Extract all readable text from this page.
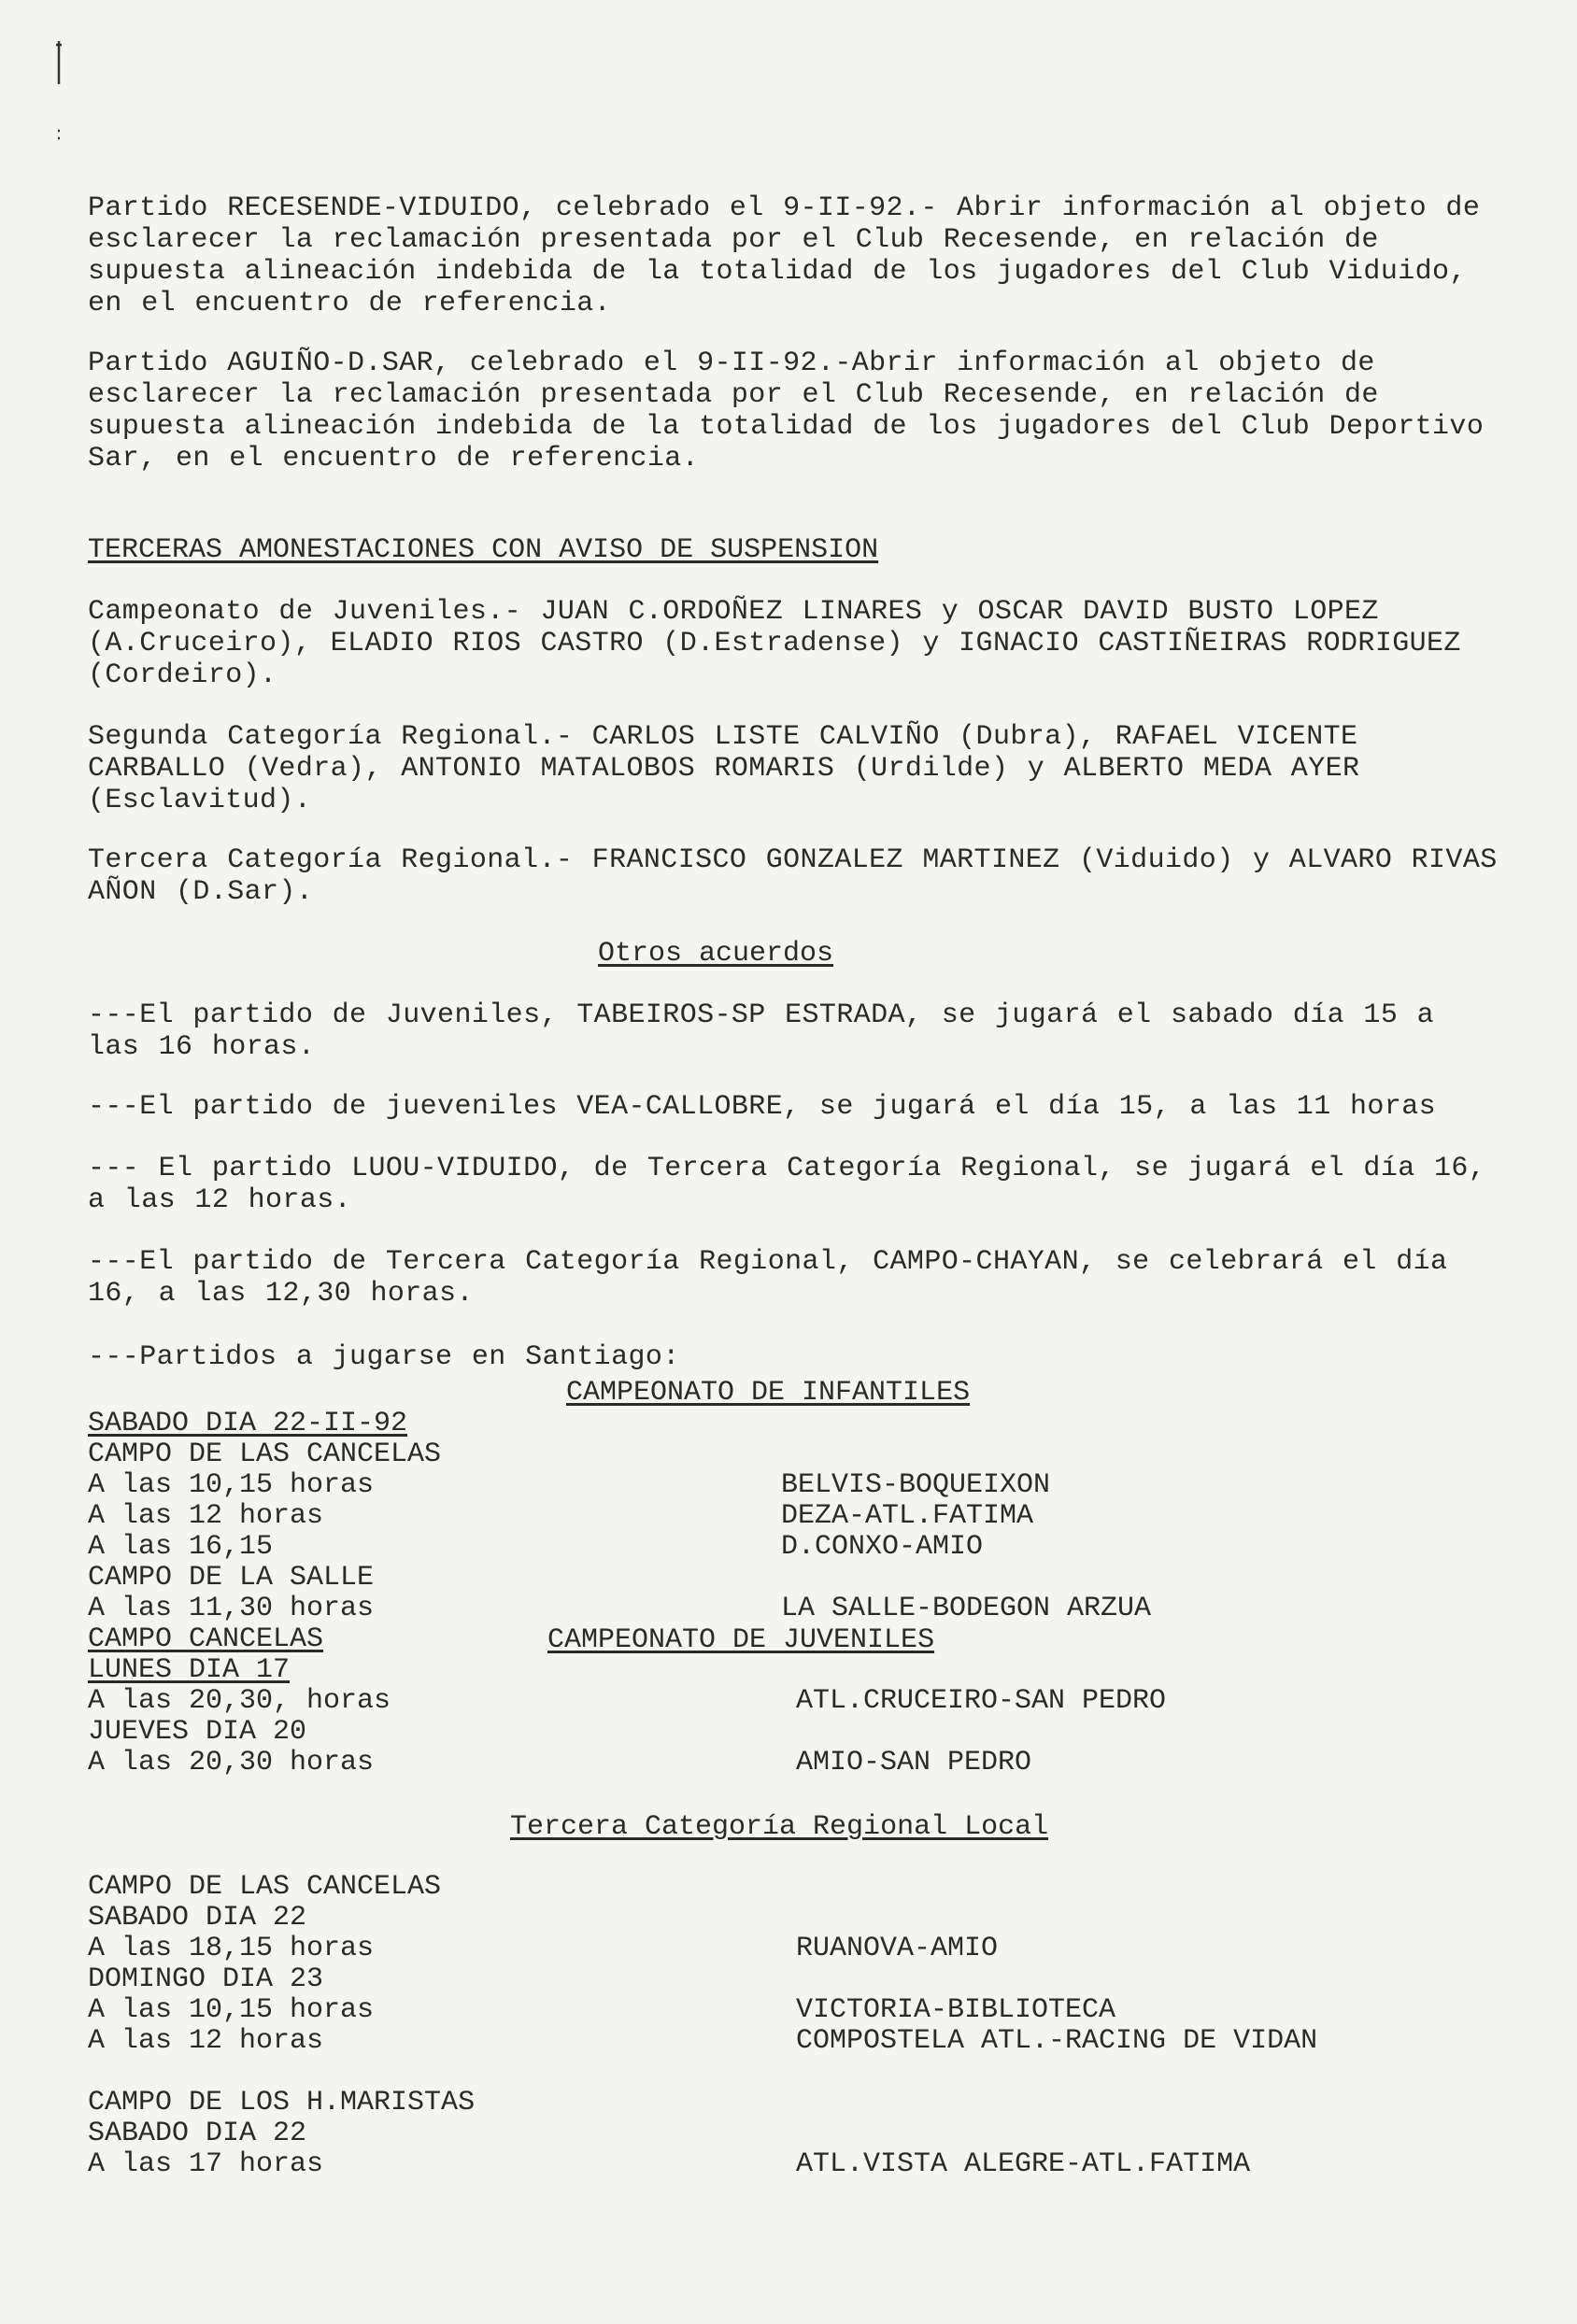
Partido RECESENDE-VIDUIDO, celebrado el 9-II-92.- Abrir información al objeto de esclarecer la reclamación presentada por el Club Recesende, en relación de supuesta alineación indebida de la totalidad de los jugadores del Club Viduido, en el encuentro de referencia.

Partido AGUIÑO-D.SAR, celebrado el 9-II-92.-Abrir información al objeto de esclarecer la reclamación presentada por el Club Recesende, en relación de supuesta alineación indebida de la totalidad de los jugadores del Club Deportivo Sar, en el encuentro de referencia.

TERCERAS AMONESTACIONES CON AVISO DE SUSPENSION

Campeonato de Juveniles.- JUAN C.ORDOÑEZ LINARES y OSCAR DAVID BUSTO LOPEZ (A.Cruceiro), ELADIO RIOS CASTRO (D.Estradense) y IGNACIO CASTIÑEIRAS RODRIGUEZ (Cordeiro).

Segunda Categoría Regional.- CARLOS LISTE CALVIÑO (Dubra), RAFAEL VICENTE CARBALLO (Vedra), ANTONIO MATALOBOS ROMARIS (Urdilde) y ALBERTO MEDA AYER (Esclavitud).

Tercera Categoría Regional.- FRANCISCO GONZALEZ MARTINEZ (Viduido) y ALVARO RIVAS AÑON (D.Sar).

Otros acuerdos

---El partido de Juveniles, TABEIROS-SP ESTRADA, se jugará el sabado día 15 a las 16 horas.

---El partido de jueveniles VEA-CALLOBRE, se jugará el día 15, a las 11 horas

--- El partido LUOU-VIDUIDO, de Tercera Categoría Regional, se jugará el día 16, a las 12 horas.

---El partido de Tercera Categoría Regional, CAMPO-CHAYAN, se celebrará el día 16, a las 12,30 horas.

---Partidos a jugarse en Santiago:

CAMPEONATO DE INFANTILES
SABADO DIA 22-II-92
CAMPO DE LAS CANCELAS
A las 10,15 horas
A las 12 horas
A las 16,15
CAMPO DE LA SALLE
A las 11,30 horas
CAMPO CANCELAS
LUNES DIA 17
A las 20,30, horas
JUEVES DIA 20
A las 20,30 horas
BELVIS-BOQUEIXON
DEZA-ATL.FATIMA
D.CONXO-AMIO
LA SALLE-BODEGON ARZUA
CAMPEONATO DE JUVENILES
ATL.CRUCEIRO-SAN PEDRO
AMIO-SAN PEDRO
Tercera Categoría Regional Local
CAMPO DE LAS CANCELAS
SABADO DIA 22
A las 18,15 horas
DOMINGO DIA 23
A las 10,15 horas
A las 12 horas
CAMPO DE LOS H.MARISTAS
SABADO DIA 22
A las 17 horas
RUANOVA-AMIO
VICTORIA-BIBLIOTECA
COMPOSTELA ATL.-RACING DE VIDAN
ATL.VISTA ALEGRE-ATL.FATIMA
